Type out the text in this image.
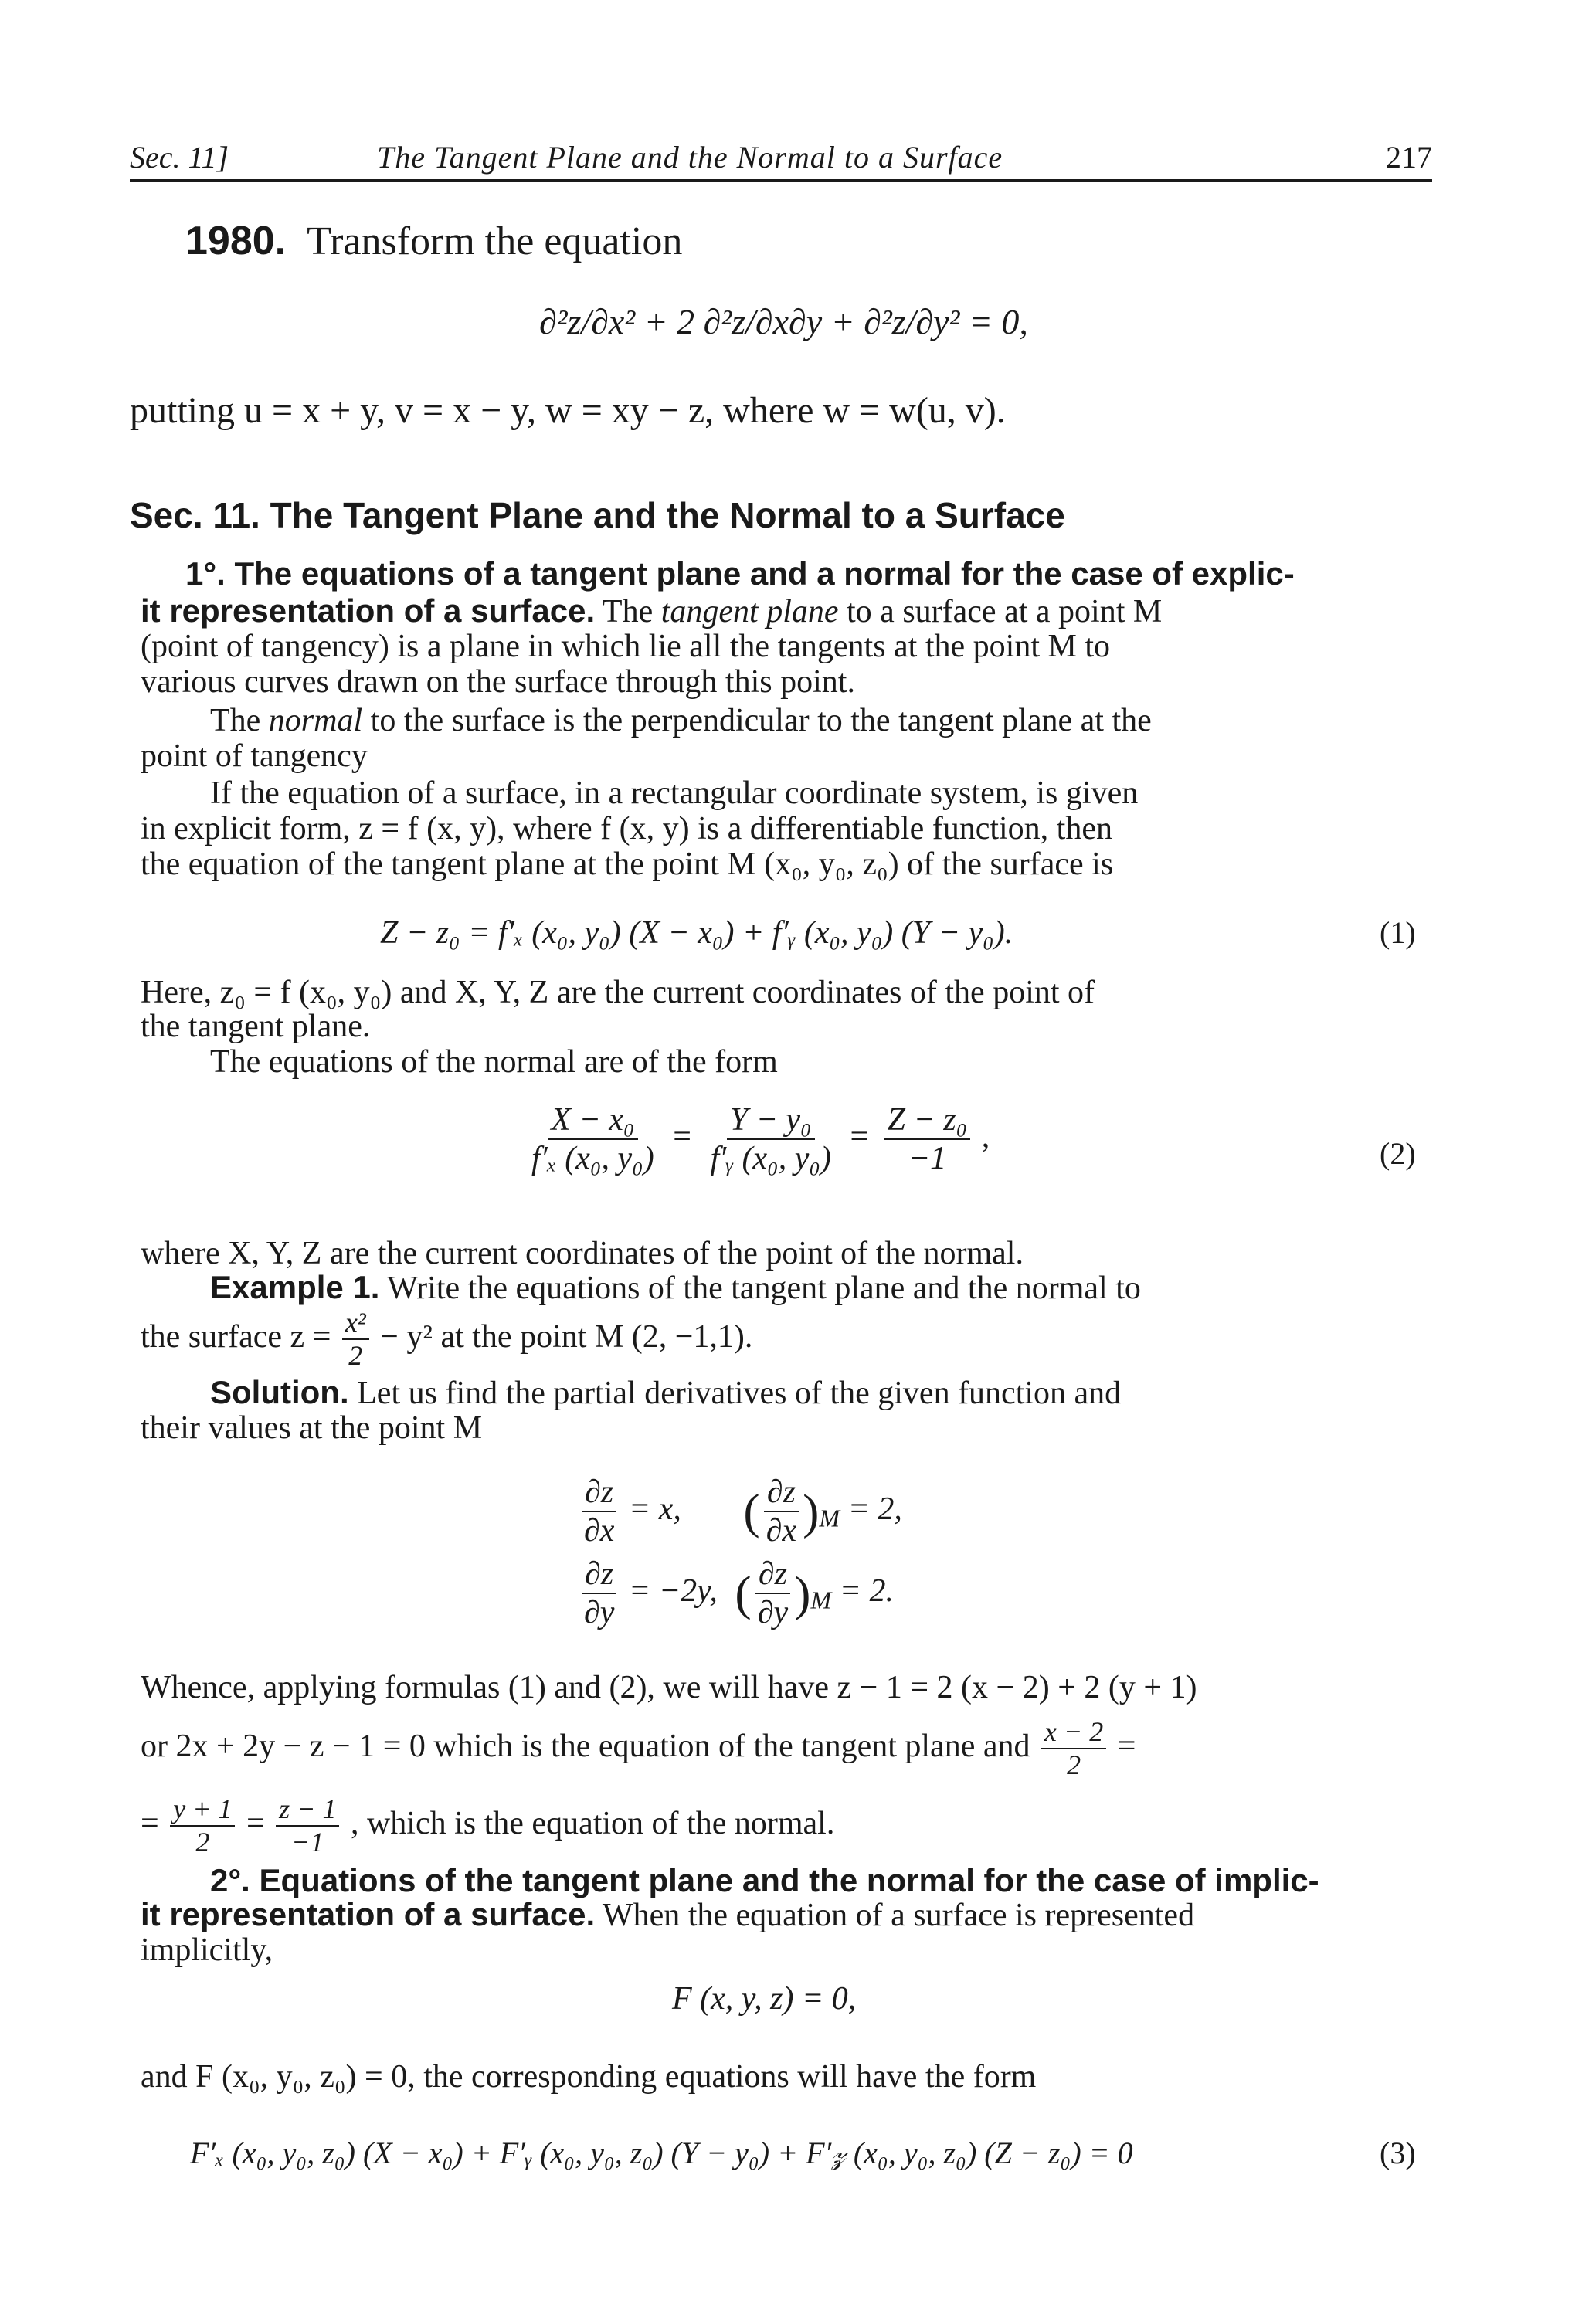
Sec. 11]	The Tangent Plane and the Normal to a Surface	217
1980. Transform the equation
∂²z/∂x² + 2 ∂²z/∂x∂y + ∂²z/∂y² = 0,
putting u = x + y, v = x − y, w = xy − z, where w = w(u, v).
Sec. 11. The Tangent Plane and the Normal to a Surface
1°. The equations of a tangent plane and a normal for the case of explic-
it representation of a surface. The tangent plane to a surface at a point M
(point of tangency) is a plane in which lie all the tangents at the point M to
various curves drawn on the surface through this point.
The normal to the surface is the perpendicular to the tangent plane at the
point of tangency
If the equation of a surface, in a rectangular coordinate system, is given
in explicit form, z = f (x, y), where f (x, y) is a differentiable function, then
the equation of the tangent plane at the point M (x₀, y₀, z₀) of the surface is
Z − z₀ = f′ₓ (x₀, y₀) (X − x₀) + f′ᵧ (x₀, y₀) (Y − y₀).	(1)
Here, z₀ = f (x₀, y₀) and X, Y, Z are the current coordinates of the point of
the tangent plane.
The equations of the normal are of the form
$\frac{\text{X − x₀}}{\text{f′ₓ (x₀, y₀)}} = \frac{\text{Y − y₀}}{\text{f′ᵧ (x₀, y₀)}} = \frac{\text{Z − z₀}}{-1}$ ,	(2)
where X, Y, Z are the current coordinates of the point of the normal.
Example 1. Write the equations of the tangent plane and the normal to
the surface $z = \frac{\text{x²}}{2} - y^2$ at the point M (2, −1,1).
Solution. Let us find the partial derivatives of the given function and
their values at the point M
$\frac{\partial z}{\partial x} = x$, ( $\frac{\partial z}{\partial x} )_M = 2$,
$\frac{\partial z}{\partial y} = -2y$, ( $\frac{\partial z}{\partial y} )_M = 2$.
Whence, applying formulas (1) and (2), we will have z − 1 = 2 (x − 2) + 2 (y + 1)
or 2x + 2y − z − 1 = 0 which is the equation of the tangent plane and $\frac{x - 2}{2}$ =
= $\frac{y + 1}{2} = \frac{z - 1}{-1}$ , which is the equation of the normal.
2°. Equations of the tangent plane and the normal for the case of implic-
it representation of a surface. When the equation of a surface is represented
implicitly,
F (x, y, z) = 0,
and F (x₀, y₀, z₀) = 0, the corresponding equations will have the form
F′ₓ (x₀, y₀, z₀) (X − x₀) + F′ᵧ (x₀, y₀, z₀) (Y − y₀) + F′𝓏 (x₀, y₀, z₀) (Z − z₀) = 0	(3)
